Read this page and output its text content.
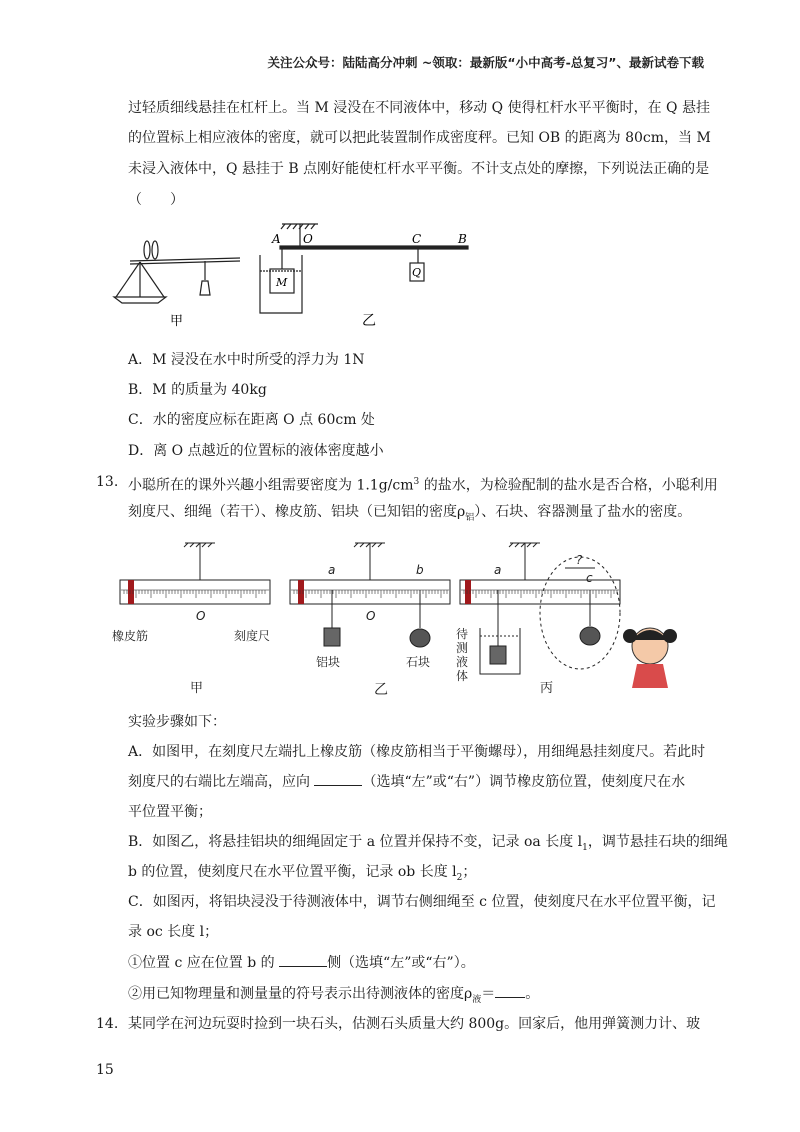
关注公众号：陆陆高分冲刺 ~领取：最新版“小中高考-总复习”、最新试卷下载
过轻质细线悬挂在杠杆上。当 M 浸没在不同液体中，移动 Q 使得杠杆水平平衡时，在 Q 悬挂
的位置标上相应液体的密度，就可以把此装置制作成密度秤。已知 OB 的距离为 80cm，当 M
未浸入液体中，Q 悬挂于 B 点刚好能使杠杆水平平衡。不计支点处的摩擦，下列说法正确的是
（　　）
甲
A O	C	B
M
Q
乙
A．M 浸没在水中时所受的浮力为 1N
B．M 的质量为 40kg
C．水的密度应标在距离 O 点 60cm 处
D．离 O 点越近的位置标的液体密度越小
13. 小聪所在的课外兴趣小组需要密度为 $1.1g/cm^3$ 的盐水，为检验配制的盐水是否合格，小聪利用
刻度尺、细绳（若干）、橡皮筋、铝块（已知铝的密度$\rho_铝$）、石块、容器测量了盐水的密度。
橡皮筋	刻度尺
O	O
a	b
铝块	石块
a
c
?
待
测
液
体
甲	乙	丙
实验步骤如下：
A．如图甲，在刻度尺左端扎上橡皮筋（橡皮筋相当于平衡螺母），用细绳悬挂刻度尺。若此时
刻度尺的右端比左端高，应向	（选填“左”或“右”）调节橡皮筋位置，使刻度尺在水
平位置平衡；
B．如图乙，将悬挂铝块的细绳固定于 a 位置并保持不变，记录 oa 长度 $l_1$，调节悬挂石块的细绳
b 的位置，使刻度尺在水平位置平衡，记录 ob 长度 $l_2$；
C．如图丙，将铝块浸没于待测液体中，调节右侧细绳至 c 位置，使刻度尺在水平位置平衡，记
录 oc 长度 l；
①位置 c 应在位置 b 的	侧（选填“左”或“右”）。
②用已知物理量和测量量的符号表示出待测液体的密度$\rho_液=$ 。
14. 某同学在河边玩耍时捡到一块石头，估测石头质量大约 800g。回家后，他用弹簧测力计、玻
15
